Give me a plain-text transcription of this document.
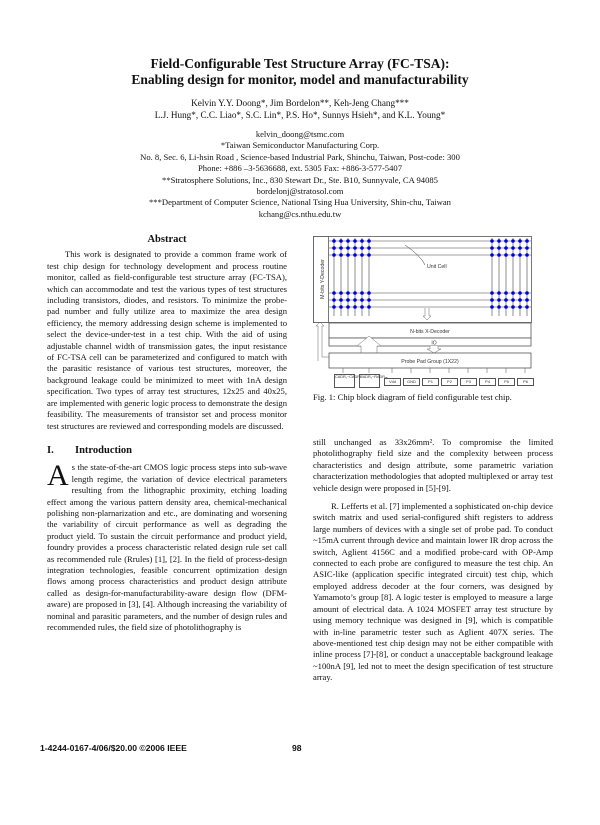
Field-Configurable Test Structure Array (FC-TSA):
Enabling design for monitor, model and manufacturability
Kelvin Y.Y. Doong*, Jim Bordelon**, Keh-Jeng Chang***
L.J. Hung*, C.C. Liao*, S.C. Lin*, P.S. Ho*, Sunnys Hsieh*, and K.L. Young*
kelvin_doong@tsmc.com
*Taiwan Semiconductor Manufacturing Corp.
No. 8, Sec. 6, Li-hsin Road , Science-based Industrial Park, Shinchu, Taiwan, Post-code: 300
Phone: +886 –3-5636688, ext. 5305 Fax: +886-3-577-5407
**Stratosphere Solutions, Inc., 830 Stewart Dr., Ste. B10, Sunnyvale, CA 94085
bordelonj@stratosol.com
***Department of Computer Science, National Tsing Hua University, Shin-chu, Taiwan
kchang@cs.nthu.edu.tw
Abstract

This work is designated to provide a common frame work of test chip design for technology development and process routine monitor, called as field-configurable test structure array (FC-TSA), which can accommodate and test the various types of test structures including transistors, diodes, and resistors. To minimize the probe-pad number and fully utilize area to maximize the area design efficiency, the memory addressing design scheme is implemented to select the device-under-test in a test chip. With the aid of using adjustable channel width of transmission gates, the input resistance of FC-TSA cell can be parameterized and configured to match with the parasitic resistance of various test structures, moreover, the background leakage could be minimized to meet with 1nA design specification. Two types of array test structures, 12x25 and 40x25, are implemented with generic logic process to demonstrate the design feasibility. The measurements of transistor set and process monitor test structures are reviewed and corresponding models are discussed.

I. Introduction

As the state-of-the-art CMOS logic process steps into sub-wave length regime, the variation of device electrical parameters resulting from the lithographic proximity, etching loading effect among the various pattern density area, chemical-mechanical polishing non-plarnarization and etc., are dominating and worsening the variability of circuit performance as well as degrading the product yield. To sustain the circuit performance and product yield, foundry provides a process characteristic related design rule set call as recommended rule (Rrules) [1], [2]. In the field of process-design integration technologies, feasible concurrent optimization design flows among process characteristics and product design attribute called as design-for-manufacturability-aware design flow (DFM-aware) are proposed in [3], [4]. Although increasing the variability of nominal and parasitic parameters, and the number of design rules and recommended rules, the field size of photolithography is

M-bits Y-Decoder	Unit Cell
N-bits X-Decoder
IO
Probe Pad Group (1X22)
CADR₁~CADRₙ
RADR₁~RADRₘ
Vdd	GND	P1	P2	P3	P4	P5	P6
Fig. 1: Chip block diagram of field configurable test chip.

still unchanged as 33x26mm². To compromise the limited photolithography field size and the complexity between process characteristics and design attribute, some parametric variation characterization methodologies that adopted multiplexed or array test vehicle design were proposed in [5]-[9].

R. Lefferts et al. [7] implemented a sophisticated on-chip device switch matrix and used serial-configured shift registers to address large numbers of devices with a single set of probe pad. To conduct ~15mA current through device and maintain lower IR drop across the switch, Aglient 4156C and a modified probe-card with OP-Amp connected to each probe are configured to measure the test chip. An ASIC-like (application specific integrated circuit) test chip, which employed address decoder at the four corners, was designed by Yamamoto’s group [8]. A logic tester is employed to measure a large amount of electrical data. A 1024 MOSFET array test structure by using memory technique was designed in [9], which is compatible with in-line parametric tester such as Aglient 407X series. The above-mentioned test chip design may not be either compatible with inline process [7]-[8], or conduct a unacceptable background leakage ~100nA [9], led not to meet the design specification of test structure array.

1-4244-0167-4/06/$20.00 ©2006 IEEE	98
